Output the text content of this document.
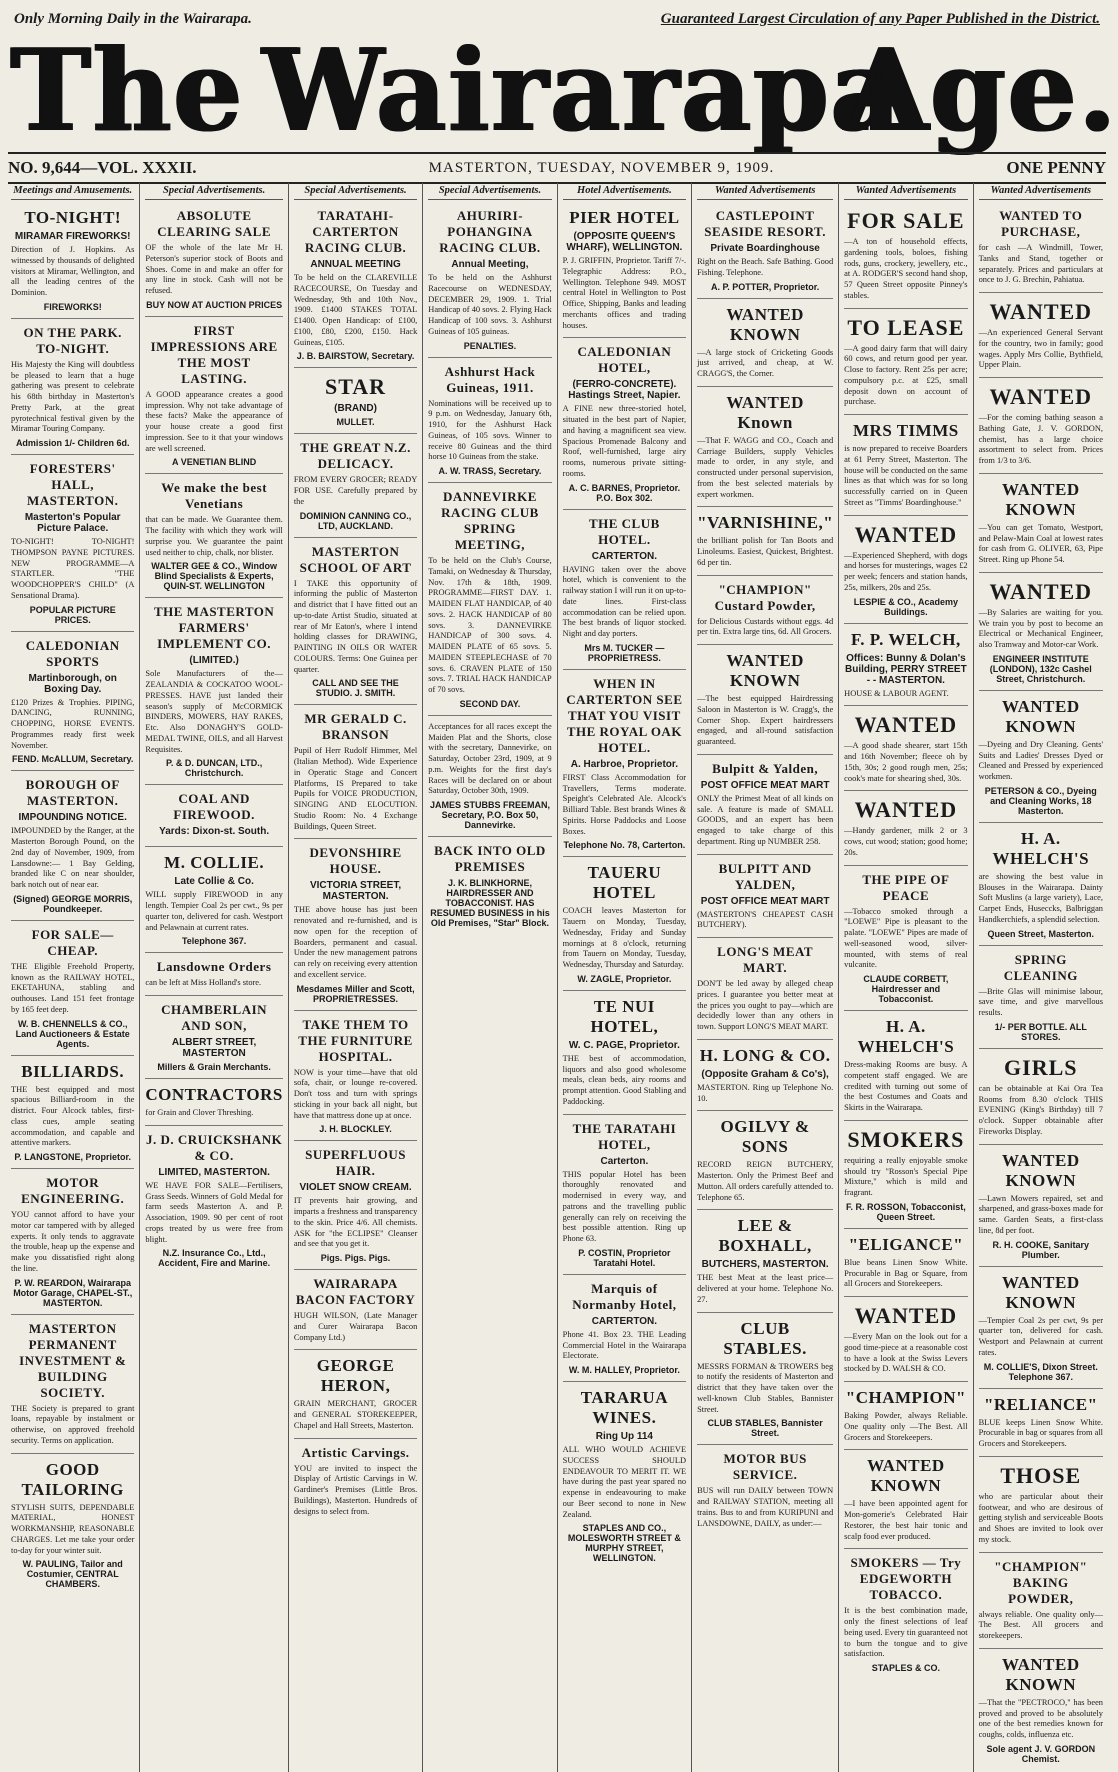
Only Morning Daily in the Wairarapa.	Guaranteed Largest Circulation of any Paper Published in the District.
The Wairarapa
Age.
NO. 9,644—VOL. XXXII.	MASTERTON, TUESDAY, NOVEMBER 9, 1909.	ONE PENNY
Meetings and Amusements.
TO-NIGHT!
MIRAMAR FIREWORKS!
Direction of J. Hopkins. As witnessed by thousands of delighted visitors at Miramar, Wellington, and all the leading centres of the Dominion.
FIREWORKS!
ON THE PARK. TO-NIGHT.
His Majesty the King will doubtless be pleased to learn that a huge gathering was present to celebrate his 68th birthday in Masterton's Pretty Park, at the great pyrotechnical festival given by the Miramar Touring Company.
Admission 1/- Children 6d.
FORESTERS' HALL, MASTERTON.
Masterton's Popular Picture Palace.
TO-NIGHT! TO-NIGHT! THOMPSON PAYNE PICTURES. NEW PROGRAMME—A STARTLER. "THE WOODCHOPPER'S CHILD" (A Sensational Drama).
POPULAR PICTURE PRICES.
CALEDONIAN SPORTS
Martinborough, on Boxing Day.
£120 Prizes & Trophies. PIPING, DANCING, RUNNING, CHOPPING, HORSE EVENTS. Programmes ready first week November.
FEND. McALLUM, Secretary.
BOROUGH OF MASTERTON.
IMPOUNDING NOTICE.
IMPOUNDED by the Ranger, at the Masterton Borough Pound, on the 2nd day of November, 1909, from Lansdowne:— 1 Bay Gelding, branded like C on near shoulder, bark notch out of near ear.
(Signed) GEORGE MORRIS, Poundkeeper.
FOR SALE—CHEAP.
THE Eligible Freehold Property, known as the RAILWAY HOTEL, EKETAHUNA, stabling and outhouses. Land 151 feet frontage by 165 feet deep.
W. B. CHENNELLS & CO., Land Auctioneers & Estate Agents.
BILLIARDS.
THE best equipped and most spacious Billiard-room in the district. Four Alcock tables, first-class cues, ample seating accommodation, and capable and attentive markers.
P. LANGSTONE, Proprietor.
MOTOR ENGINEERING.
YOU cannot afford to have your motor car tampered with by alleged experts. It only tends to aggravate the trouble, heap up the expense and make you dissatisfied right along the line.
P. W. REARDON, Wairarapa Motor Garage, CHAPEL-ST., MASTERTON.
MASTERTON PERMANENT INVESTMENT & BUILDING SOCIETY.
THE Society is prepared to grant loans, repayable by instalment or otherwise, on approved freehold security. Terms on application.
GOOD TAILORING
STYLISH SUITS, DEPENDABLE MATERIAL, HONEST WORKMANSHIP, REASONABLE CHARGES. Let me take your order to-day for your winter suit.
W. PAULING, Tailor and Costumier, CENTRAL CHAMBERS.
Special Advertisements.
ABSOLUTE CLEARING SALE
OF the whole of the late Mr H. Peterson's superior stock of Boots and Shoes. Come in and make an offer for any line in stock. Cash will not be refused.
BUY NOW AT AUCTION PRICES
FIRST IMPRESSIONS ARE THE MOST LASTING.
A GOOD appearance creates a good impression. Why not take advantage of these facts? Make the appearance of your house create a good first impression. See to it that your windows are well screened.
A VENETIAN BLIND
We make the best Venetians
that can be made. We Guarantee them. The facility with which they work will surprise you. We guarantee the paint used neither to chip, chalk, nor blister.
WALTER GEE & CO., Window Blind Specialists & Experts, QUIN-ST. WELLINGTON
THE MASTERTON FARMERS' IMPLEMENT CO.
(LIMITED.)
Sole Manufacturers of the—ZEALANDIA & COCKATOO WOOL-PRESSES. HAVE just landed their season's supply of McCORMICK BINDERS, MOWERS, HAY RAKES, Etc. Also DONAGHY'S GOLD-MEDAL TWINE, OILS, and all Harvest Requisites.
P. & D. DUNCAN, LTD., Christchurch.
COAL AND FIREWOOD.
Yards: Dixon-st. South.
M. COLLIE.
Late Collie & Co.
WILL supply FIREWOOD in any length. Tempier Coal 2s per cwt., 9s per quarter ton, delivered for cash. Westport and Pelawnain at current rates.
Telephone 367.
Lansdowne Orders
can be left at Miss Holland's store.
CHAMBERLAIN AND SON,
ALBERT STREET, MASTERTON
Millers & Grain Merchants.
CONTRACTORS
for Grain and Clover Threshing.
J. D. CRUICKSHANK & CO.
LIMITED, MASTERTON.
WE HAVE FOR SALE—Fertilisers, Grass Seeds. Winners of Gold Medal for farm seeds Masterton A. and P. Association, 1909. 90 per cent of root crops treated by us were free from blight.
N.Z. Insurance Co., Ltd., Accident, Fire and Marine.
Special Advertisements.
TARATAHI-CARTERTON RACING CLUB.
ANNUAL MEETING
To be held on the CLAREVILLE RACECOURSE, On Tuesday and Wednesday, 9th and 10th Nov., 1909. £1400 STAKES TOTAL £1400. Open Handicap: of £100, £100, £80, £200, £150. Hack Guineas, £105.
J. B. BAIRSTOW, Secretary.
STAR
(BRAND)
MULLET.
THE GREAT N.Z. DELICACY.
FROM EVERY GROCER; READY FOR USE. Carefully prepared by the
DOMINION CANNING CO., LTD, AUCKLAND.
MASTERTON SCHOOL OF ART
I TAKE this opportunity of informing the public of Masterton and district that I have fitted out an up-to-date Artist Studio, situated at rear of Mr Eaton's, where I intend holding classes for DRAWING, PAINTING IN OILS OR WATER COLOURS. Terms: One Guinea per quarter.
CALL AND SEE THE STUDIO. J. SMITH.
MR GERALD C. BRANSON
Pupil of Herr Rudolf Himmer, Mel (Italian Method). Wide Experience in Operatic Stage and Concert Platforms, IS Prepared to take Pupils for VOICE PRODUCTION, SINGING AND ELOCUTION. Studio Room: No. 4 Exchange Buildings, Queen Street.
DEVONSHIRE HOUSE.
VICTORIA STREET, MASTERTON.
THE above house has just been renovated and re-furnished, and is now open for the reception of Boarders, permanent and casual. Under the new management patrons can rely on receiving every attention and excellent service.
Mesdames Miller and Scott, PROPRIETRESSES.
TAKE THEM TO THE FURNITURE HOSPITAL.
NOW is your time—have that old sofa, chair, or lounge re-covered. Don't toss and turn with springs sticking in your back all night, but have that mattress done up at once.
J. H. BLOCKLEY.
SUPERFLUOUS HAIR.
VIOLET SNOW CREAM.
IT prevents hair growing, and imparts a freshness and transparency to the skin. Price 4/6. All chemists. ASK for "the ECLIPSE" Cleanser and see that you get it.
Pigs. Pigs. Pigs.
WAIRARAPA BACON FACTORY
HUGH WILSON, (Late Manager and Curer Wairarapa Bacon Company Ltd.)
GEORGE HERON,
GRAIN MERCHANT, GROCER and GENERAL STOREKEEPER, Chapel and Hall Streets, Masterton.
Artistic Carvings.
YOU are invited to inspect the Display of Artistic Carvings in W. Gardiner's Premises (Little Bros. Buildings), Masterton. Hundreds of designs to select from.
Special Advertisements.
AHURIRI-POHANGINA RACING CLUB.
Annual Meeting,
To be held on the Ashhurst Racecourse on WEDNESDAY, DECEMBER 29, 1909. 1. Trial Handicap of 40 sovs. 2. Flying Hack Handicap of 100 sovs. 3. Ashhurst Guineas of 105 guineas.
PENALTIES.
Ashhurst Hack Guineas, 1911.
Nominations will be received up to 9 p.m. on Wednesday, January 6th, 1910, for the Ashhurst Hack Guineas, of 105 sovs. Winner to receive 80 Guineas and the third horse 10 Guineas from the stake.
A. W. TRASS, Secretary.
DANNEVIRKE RACING CLUB SPRING MEETING,
To be held on the Club's Course, Tamaki, on Wednesday & Thursday, Nov. 17th & 18th, 1909. PROGRAMME—FIRST DAY. 1. MAIDEN FLAT HANDICAP, of 40 sovs. 2. HACK HANDICAP of 80 sovs. 3. DANNEVIRKE HANDICAP of 300 sovs. 4. MAIDEN PLATE of 65 sovs. 5. MAIDEN STEEPLECHASE of 70 sovs. 6. CRAVEN PLATE of 150 sovs. 7. TRIAL HACK HANDICAP of 70 sovs.
SECOND DAY.
Acceptances for all races except the Maiden Plat and the Shorts, close with the secretary, Dannevirke, on Saturday, October 23rd, 1909, at 9 p.m. Weights for the first day's Races will be declared on or about Saturday, October 30th, 1909.
JAMES STUBBS FREEMAN, Secretary, P.O. Box 50, Dannevirke.
BACK INTO OLD PREMISES
J. K. BLINKHORNE, HAIRDRESSER AND TOBACCONIST. HAS RESUMED BUSINESS in his Old Premises, "Star" Block.
Hotel Advertisements.
PIER HOTEL
(OPPOSITE QUEEN'S WHARF), WELLINGTON.
P. J. GRIFFIN, Proprietor. Tariff 7/-. Telegraphic Address: P.O., Wellington. Telephone 949. MOST central Hotel in Wellington to Post Office, Shipping, Banks and leading merchants offices and trading houses.
CALEDONIAN HOTEL,
(FERRO-CONCRETE). Hastings Street, Napier.
A FINE new three-storied hotel, situated in the best part of Napier, and having a magnificent sea view. Spacious Promenade Balcony and Roof, well-furnished, large airy rooms, numerous private sitting-rooms.
A. C. BARNES, Proprietor. P.O. Box 302.
THE CLUB HOTEL.
CARTERTON.
HAVING taken over the above hotel, which is convenient to the railway station I will run it on up-to-date lines. First-class accommodation can be relied upon. The best brands of liquor stocked. Night and day porters.
Mrs M. TUCKER — PROPRIETRESS.
WHEN IN CARTERTON SEE THAT YOU VISIT THE ROYAL OAK HOTEL.
A. Harbroe, Proprietor.
FIRST Class Accommodation for Travellers, Terms moderate. Speight's Celebrated Ale. Alcock's Billiard Table. Best brands Wines & Spirits. Horse Paddocks and Loose Boxes.
Telephone No. 78, Carterton.
TAUERU HOTEL
COACH leaves Masterton for Tauern on Monday, Tuesday, Wednesday, Friday and Sunday mornings at 8 o'clock, returning from Tauern on Monday, Tuesday, Wednesday, Thursday and Saturday.
W. ZAGLE, Proprietor.
TE NUI HOTEL,
W. C. PAGE, Proprietor.
THE best of accommodation, liquors and also good wholesome meals, clean beds, airy rooms and prompt attention. Good Stabling and Paddocking.
THE TARATAHI HOTEL,
Carterton.
THIS popular Hotel has been thoroughly renovated and modernised in every way, and patrons and the travelling public generally can rely on receiving the best possible attention. Ring up Phone 63.
P. COSTIN, Proprietor Taratahi Hotel.
Marquis of Normanby Hotel,
CARTERTON.
Phone 41. Box 23. THE Leading Commercial Hotel in the Wairarapa Electorate.
W. M. HALLEY, Proprietor.
TARARUA WINES.
Ring Up 114
ALL WHO WOULD ACHIEVE SUCCESS SHOULD ENDEAVOUR TO MERIT IT. WE have during the past year spared no expense in endeavouring to make our Beer second to none in New Zealand.
STAPLES AND CO., MOLESWORTH STREET & MURPHY STREET, WELLINGTON.
Wanted Advertisements
CASTLEPOINT SEASIDE RESORT.
Private Boardinghouse
Right on the Beach. Safe Bathing. Good Fishing. Telephone.
A. P. POTTER, Proprietor.
WANTED KNOWN
—A large stock of Cricketing Goods just arrived, and cheap, at W. CRAGG'S, the Corner.
WANTED Known
—That F. WAGG and CO., Coach and Carriage Builders, supply Vehicles made to order, in any style, and constructed under personal supervision, from the best selected materials by expert workmen.
"VARNISHINE,"
the brilliant polish for Tan Boots and Linoleums. Easiest, Quickest, Brightest. 6d per tin.
"CHAMPION" Custard Powder,
for Delicious Custards without eggs. 4d per tin. Extra large tins, 6d. All Grocers.
WANTED KNOWN
—The best equipped Hairdressing Saloon in Masterton is W. Cragg's, the Corner Shop. Expert hairdressers engaged, and all-round satisfaction guaranteed.
Bulpitt & Yalden,
POST OFFICE MEAT MART
ONLY the Primest Meat of all kinds on sale. A feature is made of SMALL GOODS, and an expert has been engaged to take charge of this department. Ring up NUMBER 258.
BULPITT AND YALDEN,
POST OFFICE MEAT MART
(MASTERTON'S CHEAPEST CASH BUTCHERY).
LONG'S MEAT MART.
DON'T be led away by alleged cheap prices. I guarantee you better meat at the prices you ought to pay—which are decidedly lower than any others in town. Support LONG'S MEAT MART.
H. LONG & CO.
(Opposite Graham & Co's),
MASTERTON. Ring up Telephone No. 10.
OGILVY & SONS
RECORD REIGN BUTCHERY, Masterton. Only the Primest Beef and Mutton. All orders carefully attended to. Telephone 65.
LEE & BOXHALL,
BUTCHERS, MASTERTON.
THE best Meat at the least price—delivered at your home. Telephone No. 27.
CLUB STABLES.
MESSRS FORMAN & TROWERS beg to notify the residents of Masterton and district that they have taken over the well-known Club Stables, Bannister Street.
CLUB STABLES, Bannister Street.
MOTOR BUS SERVICE.
BUS will run DAILY between TOWN and RAILWAY STATION, meeting all trains. Bus to and from KURIPUNI and LANSDOWNE, DAILY, as under:—
Wanted Advertisements
FOR SALE
—A ton of household effects, gardening tools, boloes, fishing rods, guns, crockery, jewellery, etc., at A. RODGER'S second hand shop, 57 Queen Street opposite Pinney's stables.
TO LEASE
—A good dairy farm that will dairy 60 cows, and return good per year. Close to factory. Rent 25s per acre; compulsory p.c. at £25, small deposit down on account of purchase.
MRS TIMMS
is now prepared to receive Boarders at 61 Perry Street, Masterton. The house will be conducted on the same lines as that which was for so long successfully carried on in Queen Street as "Timms' Boardinghouse."
WANTED
—Experienced Shepherd, with dogs and horses for musterings, wages £2 per week; fencers and station hands, 25s, milkers, 20s and 25s.
LESPIE & CO., Academy Buildings.
F. P. WELCH,
Offices: Bunny & Dolan's Building, PERRY STREET - - MASTERTON.
HOUSE & LABOUR AGENT.
WANTED
—A good shade shearer, start 15th and 16th November; fleece oh by 15th, 30s; 2 good rough men, 25s; cook's mate for shearing shed, 30s.
WANTED
—Handy gardener, milk 2 or 3 cows, cut wood; station; good home; 20s.
THE PIPE OF PEACE
—Tobacco smoked through a "LOEWE" Pipe is pleasant to the palate. "LOEWE" Pipes are made of well-seasoned wood, silver-mounted, with stems of real vulcanite.
CLAUDE CORBETT, Hairdresser and Tobacconist.
H. A. WHELCH'S
Dress-making Rooms are busy. A competent staff engaged. We are credited with turning out some of the best Costumes and Coats and Skirts in the Wairarapa.
SMOKERS
requiring a really enjoyable smoke should try "Rosson's Special Pipe Mixture," which is mild and fragrant.
F. R. ROSSON, Tobacconist, Queen Street.
"ELIGANCE"
Blue beans Linen Snow White. Procurable in Bag or Square, from all Grocers and Storekeepers.
WANTED
—Every Man on the look out for a good time-piece at a reasonable cost to have a look at the Swiss Levers stocked by D. WALSH & CO.
"CHAMPION"
Baking Powder, always Reliable. One quality only —The Best. All Grocers and Storekeepers.
WANTED KNOWN
—I have been appointed agent for Mon-gomerie's Celebrated Hair Restorer, the best hair tonic and scalp food ever produced.
SMOKERS — Try EDGEWORTH TOBACCO.
It is the best combination made, only the finest selections of leaf being used. Every tin guaranteed not to burn the tongue and to give satisfaction.
STAPLES & CO.
Wanted Advertisements
WANTED TO PURCHASE,
for cash —A Windmill, Tower, Tanks and Stand, together or separately. Prices and particulars at once to J. G. Brechin, Pahiatua.
WANTED
—An experienced General Servant for the country, two in family; good wages. Apply Mrs Collie, Bythfield, Upper Plain.
WANTED
—For the coming bathing season a Bathing Gate, J. V. GORDON, chemist, has a large choice assortment to select from. Prices from 1/3 to 3/6.
WANTED KNOWN
—You can get Tomato, Westport, and Pelaw-Main Coal at lowest rates for cash from G. OLIVER, 63, Pipe Street. Ring up Phone 54.
WANTED
—By Salaries are waiting for you. We train you by post to become an Electrical or Mechanical Engineer, also Tramway and Motor-car Work.
ENGINEER INSTITUTE (LONDON), 132c Cashel Street, Christchurch.
WANTED KNOWN
—Dyeing and Dry Cleaning. Gents' Suits and Ladies' Dresses Dyed or Cleaned and Pressed by experienced workmen.
PETERSON & CO., Dyeing and Cleaning Works, 18 Masterton.
H. A. WHELCH'S
are showing the best value in Blouses in the Wairarapa. Dainty Soft Muslins (a large variety), Lace, Carpet Ends, Huseccks, Balbriggan Handkerchiefs, a splendid selection.
Queen Street, Masterton.
SPRING CLEANING
—Brite Glas will minimise labour, save time, and give marvellous results.
1/- PER BOTTLE. ALL STORES.
GIRLS
can be obtainable at Kai Ora Tea Rooms from 8.30 o'clock THIS EVENING (King's Birthday) till 7 o'clock. Supper obtainable after Fireworks Display.
WANTED KNOWN
—Lawn Mowers repaired, set and sharpened, and grass-boxes made for same. Garden Seats, a first-class line, 8d per foot.
R. H. COOKE, Sanitary Plumber.
WANTED KNOWN
—Tempier Coal 2s per cwt, 9s per quarter ton, delivered for cash. Westport and Pelawnain at current rates.
M. COLLIE'S, Dixon Street. Telephone 367.
"RELIANCE"
BLUE keeps Linen Snow White. Procurable in bag or squares from all Grocers and Storekeepers.
THOSE
who are particular about their footwear, and who are desirous of getting stylish and serviceable Boots and Shoes are invited to look over my stock.
"CHAMPION" BAKING POWDER,
always reliable. One quality only—The Best. All grocers and storekeepers.
WANTED KNOWN
—That the "PECTROCO," has been proved and proved to be absolutely one of the best remedies known for coughs, colds, influenza etc.
Sole agent J. V. GORDON Chemist.
